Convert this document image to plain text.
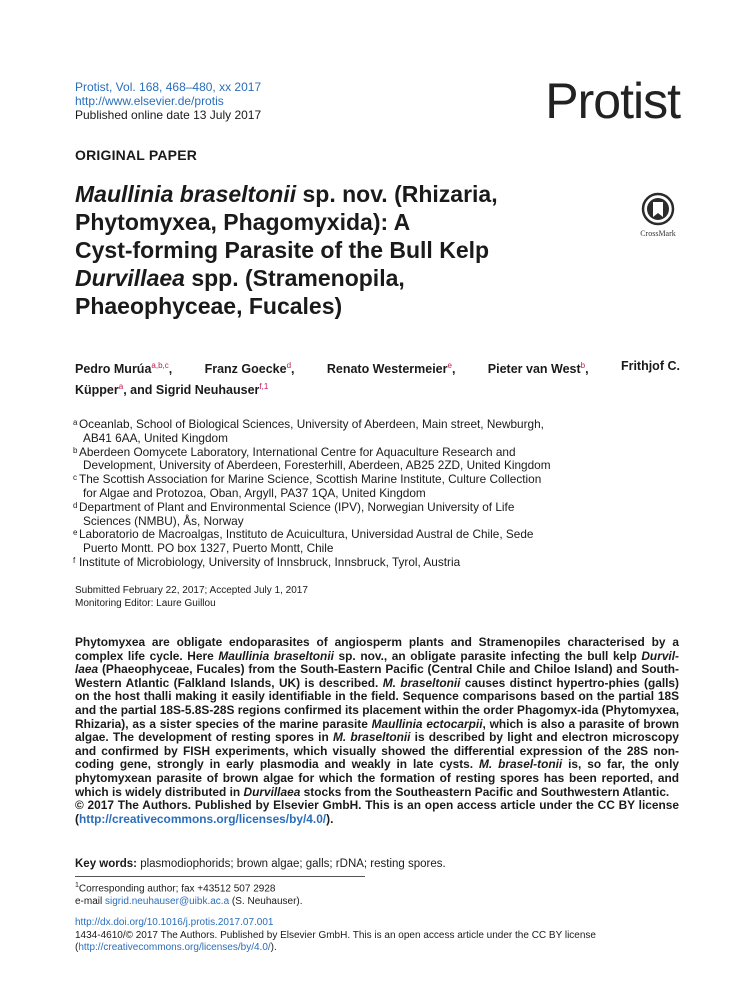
Protist, Vol. 168, 468–480, xx 2017
http://www.elsevier.de/protis
Published online date 13 July 2017	Protist
ORIGINAL PAPER
Maullinia braseltonii sp. nov. (Rhizaria,
Phytomyxea, Phagomyxida): A
Cyst-forming Parasite of the Bull Kelp
Durvillaea spp. (Stramenopila,
Phaeophyceae, Fucales)
CrossMark
Pedro Murúa$^{a,b,c}$,	Franz Goecke$^d$,	Renato Westermeier$^e$,	Pieter van West$^b$,	Frithjof C.
Küpper$^a$, and Sigrid Neuhauser$^{f,1}$
a Oceanlab, School of Biological Sciences, University of Aberdeen, Main street, Newburgh,
AB41 6AA, United Kingdom
b Aberdeen Oomycete Laboratory, International Centre for Aquaculture Research and
Development, University of Aberdeen, Foresterhill, Aberdeen, AB25 2ZD, United Kingdom
c The Scottish Association for Marine Science, Scottish Marine Institute, Culture Collection
for Algae and Protozoa, Oban, Argyll, PA37 1QA, United Kingdom
d Department of Plant and Environmental Science (IPV), Norwegian University of Life
Sciences (NMBU), Ås, Norway
e Laboratorio de Macroalgas, Instituto de Acuicultura, Universidad Austral de Chile, Sede
Puerto Montt. PO box 1327, Puerto Montt, Chile
f Institute of Microbiology, University of Innsbruck, Innsbruck, Tyrol, Austria
Submitted February 22, 2017; Accepted July 1, 2017
Monitoring Editor: Laure Guillou

Phytomyxea are obligate endoparasites of angiosperm plants and Stramenopiles characterised by a complex life cycle. Here Maullinia braseltonii sp. nov., an obligate parasite infecting the bull kelp Durvil-laea (Phaeophyceae, Fucales) from the South-Eastern Pacific (Central Chile and Chiloe Island) and South-Western Atlantic (Falkland Islands, UK) is described. M. braseltonii causes distinct hypertro-phies (galls) on the host thalli making it easily identifiable in the field. Sequence comparisons based on the partial 18S and the partial 18S-5.8S-28S regions confirmed its placement within the order Phagomyx-ida (Phytomyxea, Rhizaria), as a sister species of the marine parasite Maullinia ectocarpii, which is also a parasite of brown algae. The development of resting spores in M. braseltonii is described by light and electron microscopy and confirmed by FISH experiments, which visually showed the differential expression of the 28S non-coding gene, strongly in early plasmodia and weakly in late cysts. M. brasel-tonii is, so far, the only phytomyxean parasite of brown algae for which the formation of resting spores has been reported, and which is widely distributed in Durvillaea stocks from the Southeastern Pacific and Southwestern Atlantic.

© 2017 The Authors. Published by Elsevier GmbH. This is an open access article under the CC BY license (http://creativecommons.org/licenses/by/4.0/).

Key words: plasmodiophorids; brown algae; galls; rDNA; resting spores.
$^1$Corresponding author; fax +43512 507 2928
e-mail sigrid.neuhauser@uibk.ac.a (S. Neuhauser).
http://dx.doi.org/10.1016/j.protis.2017.07.001
1434-4610/© 2017 The Authors. Published by Elsevier GmbH. This is an open access article under the CC BY license
(http://creativecommons.org/licenses/by/4.0/).
